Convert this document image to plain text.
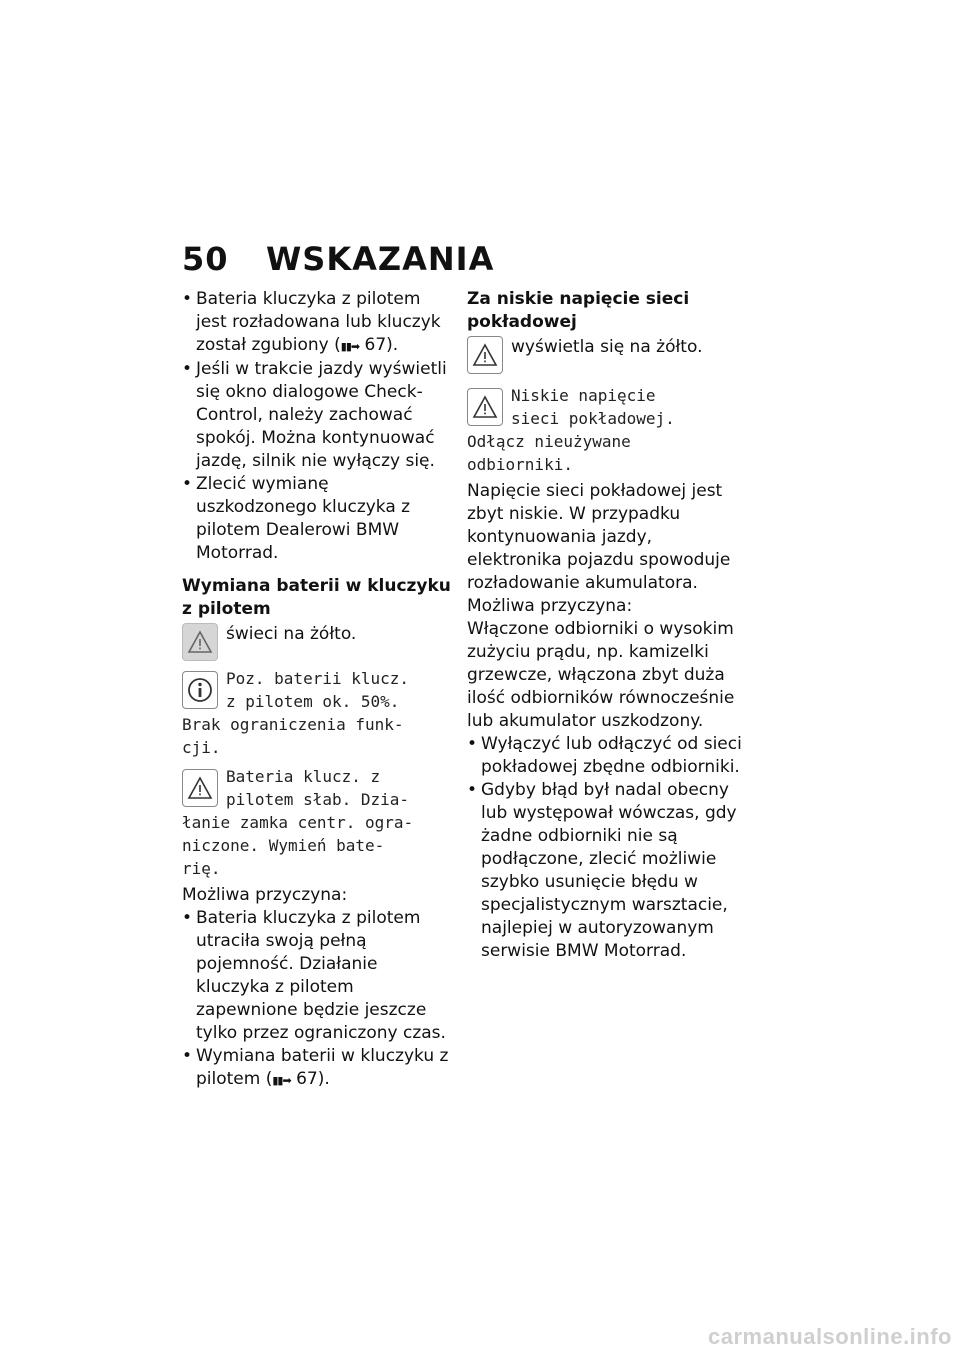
50 WSKAZANIA
• Bateria kluczyka z pilotem jest rozładowana lub kluczyk został zgubiony (▮▮➡ 67).
• Jeśli w trakcie jazdy wyświetli się okno dialogowe Check-Control, należy zachować spokój. Można kontynuować jazdę, silnik nie wyłączy się.
• Zlecić wymianę uszkodzonego kluczyka z pilotem Dealerowi BMW Motorrad.
Wymiana baterii w kluczyku z pilotem
świeci na żółto.
Poz. baterii klucz.
z pilotem ok. 50%.
Brak ograniczenia funk-
cji.
Bateria klucz. z
pilotem słab. Dzia-
łanie zamka centr. ogra-
niczone. Wymień bate-
rię.
Możliwa przyczyna:
• Bateria kluczyka z pilotem utraciła swoją pełną pojemność. Działanie kluczyka z pilotem zapewnione będzie jeszcze tylko przez ograniczony czas.
• Wymiana baterii w kluczyku z pilotem (▮▮➡ 67).
Za niskie napięcie sieci pokładowej
wyświetla się na żółto.
Niskie napięcie
sieci pokładowej.
Odłącz nieużywane
odbiorniki.

Napięcie sieci pokładowej jest zbyt niskie. W przypadku kontynuowania jazdy, elektronika pojazdu spowoduje rozładowanie akumulatora.

Możliwa przyczyna:

Włączone odbiorniki o wysokim zużyciu prądu, np. kamizelki grzewcze, włączona zbyt duża ilość odbiorników równocześnie lub akumulator uszkodzony.

• Wyłączyć lub odłączyć od sieci pokładowej zbędne odbiorniki.
• Gdyby błąd był nadal obecny lub występował wówczas, gdy żadne odbiorniki nie są podłączone, zlecić możliwie szybko usunięcie błędu w specjalistycznym warsztacie, najlepiej w autoryzowanym serwisie BMW Motorrad.
carmanualsonline.info
